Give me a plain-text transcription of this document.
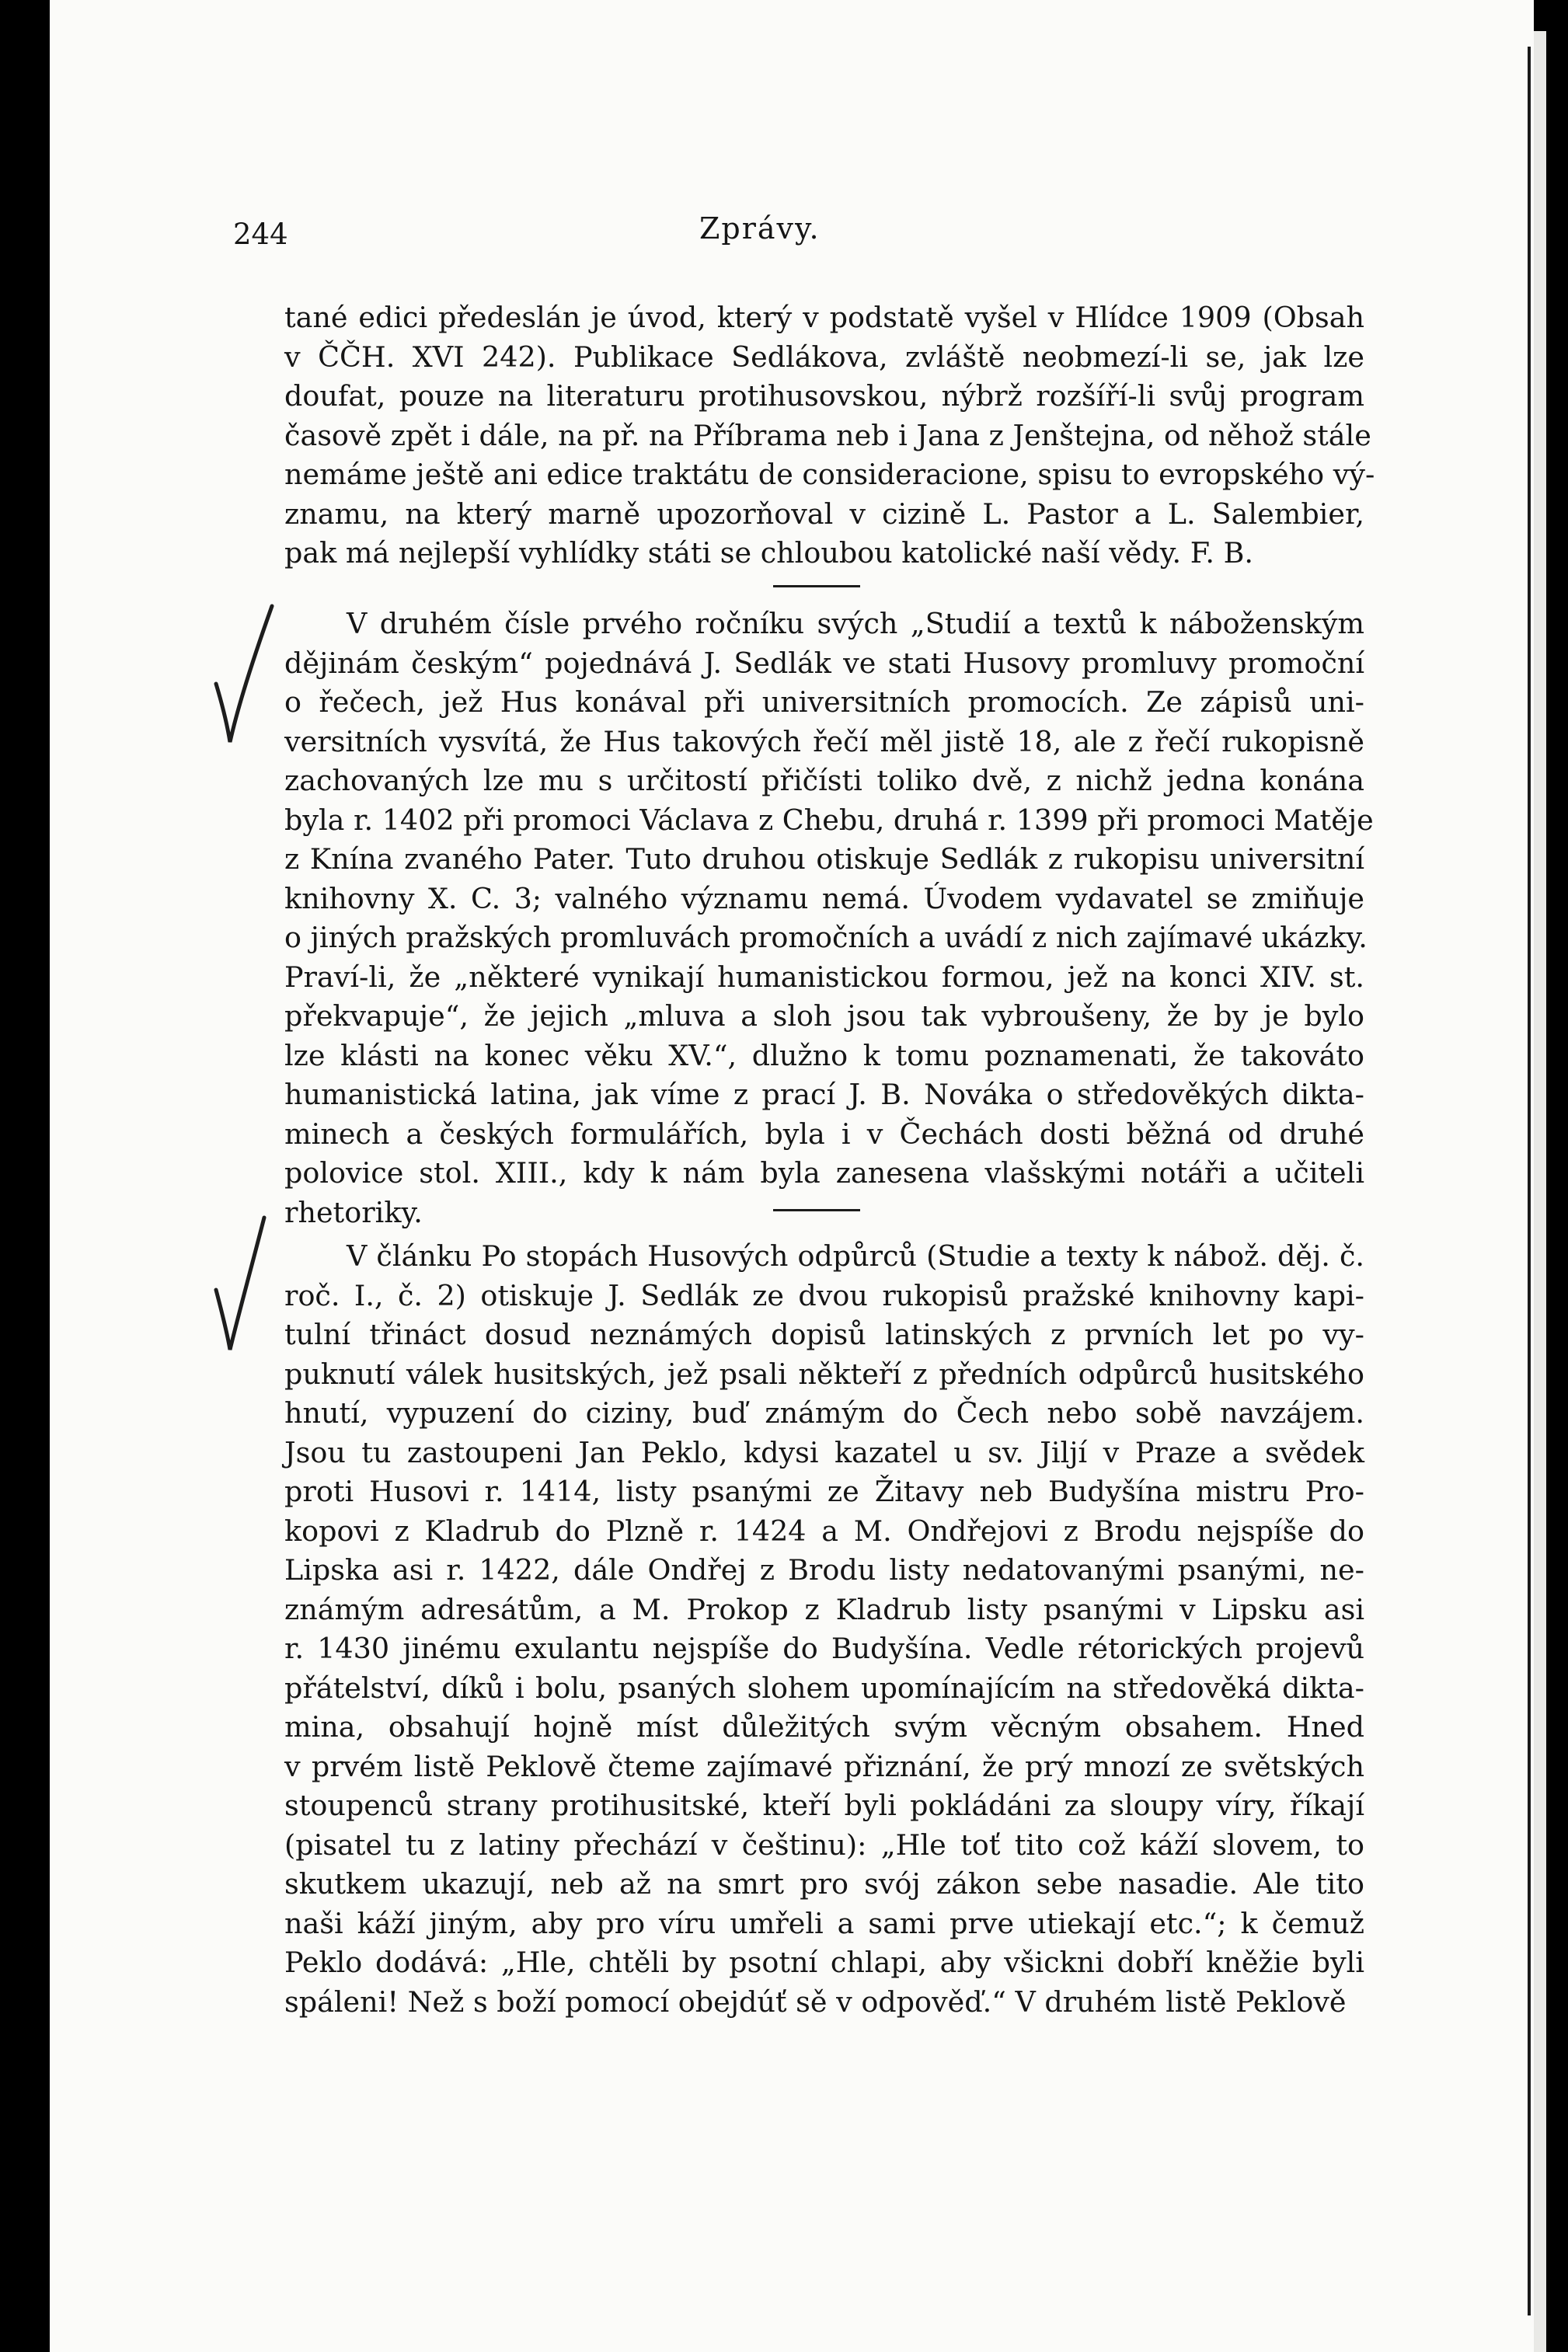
244	Zprávy.

tané edici předeslán je úvod, který v podstatě vyšel v Hlídce 1909 (Obsah
v ČČH. XVI 242). Publikace Sedlákova, zvláště neobmezí-li se, jak lze
doufat, pouze na literaturu protihusovskou, nýbrž rozšíří-li svůj program
časově zpět i dále, na př. na Příbrama neb i Jana z Jenštejna, od něhož stále
nemáme ještě ani edice traktátu de consideracione, spisu to evropského vý-
znamu, na který marně upozorňoval v cizině L. Pastor a L. Salembier,
pak má nejlepší vyhlídky státi se chloubou katolické naší vědy. F. B.
V druhém čísle prvého ročníku svých „Studií a textů k náboženským
dějinám českým“ pojednává J. Sedlák ve stati Husovy promluvy promoční
o řečech, jež Hus konával při universitních promocích. Ze zápisů uni-
versitních vysvítá, že Hus takových řečí měl jistě 18, ale z řečí rukopisně
zachovaných lze mu s určitostí přičísti toliko dvě, z nichž jedna konána
byla r. 1402 při promoci Václava z Chebu, druhá r. 1399 při promoci Matěje
z Knína zvaného Pater. Tuto druhou otiskuje Sedlák z rukopisu universitní
knihovny X. C. 3; valného významu nemá. Úvodem vydavatel se zmiňuje
o jiných pražských promluvách promočních a uvádí z nich zajímavé ukázky.
Praví-li, že „některé vynikají humanistickou formou, jež na konci XIV. st.
překvapuje“, že jejich „mluva a sloh jsou tak vybroušeny, že by je bylo
lze klásti na konec věku XV.“, dlužno k tomu poznamenati, že takováto
humanistická latina, jak víme z prací J. B. Nováka o středověkých dikta-
minech a českých formulářích, byla i v Čechách dosti běžná od druhé
polovice stol. XIII., kdy k nám byla zanesena vlašskými notáři a učiteli
rhetoriky.
V článku Po stopách Husových odpůrců (Studie a texty k nábož. děj. č.
roč. I., č. 2) otiskuje J. Sedlák ze dvou rukopisů pražské knihovny kapi-
tulní třináct dosud neznámých dopisů latinských z prvních let po vy-
puknutí válek husitských, jež psali někteří z předních odpůrců husitského
hnutí, vypuzení do ciziny, buď známým do Čech nebo sobě navzájem.
Jsou tu zastoupeni Jan Peklo, kdysi kazatel u sv. Jiljí v Praze a svědek
proti Husovi r. 1414, listy psanými ze Žitavy neb Budyšína mistru Pro-
kopovi z Kladrub do Plzně r. 1424 a M. Ondřejovi z Brodu nejspíše do
Lipska asi r. 1422, dále Ondřej z Brodu listy nedatovanými psanými, ne-
známým adresátům, a M. Prokop z Kladrub listy psanými v Lipsku asi
r. 1430 jinému exulantu nejspíše do Budyšína. Vedle rétorických projevů
přátelství, díků i bolu, psaných slohem upomínajícím na středověká dikta-
mina, obsahují hojně míst důležitých svým věcným obsahem. Hned
v prvém listě Peklově čteme zajímavé přiznání, že prý mnozí ze světských
stoupenců strany protihusitské, kteří byli pokládáni za sloupy víry, říkají
(pisatel tu z latiny přechází v češtinu): „Hle toť tito což káží slovem, to
skutkem ukazují, neb až na smrt pro svój zákon sebe nasadie. Ale tito
naši káží jiným, aby pro víru umřeli a sami prve utiekají etc.“; k čemuž
Peklo dodává: „Hle, chtěli by psotní chlapi, aby všickni dobří kněžie byli
spáleni! Než s boží pomocí obejdúť sě v odpověď.“ V druhém listě Peklově
